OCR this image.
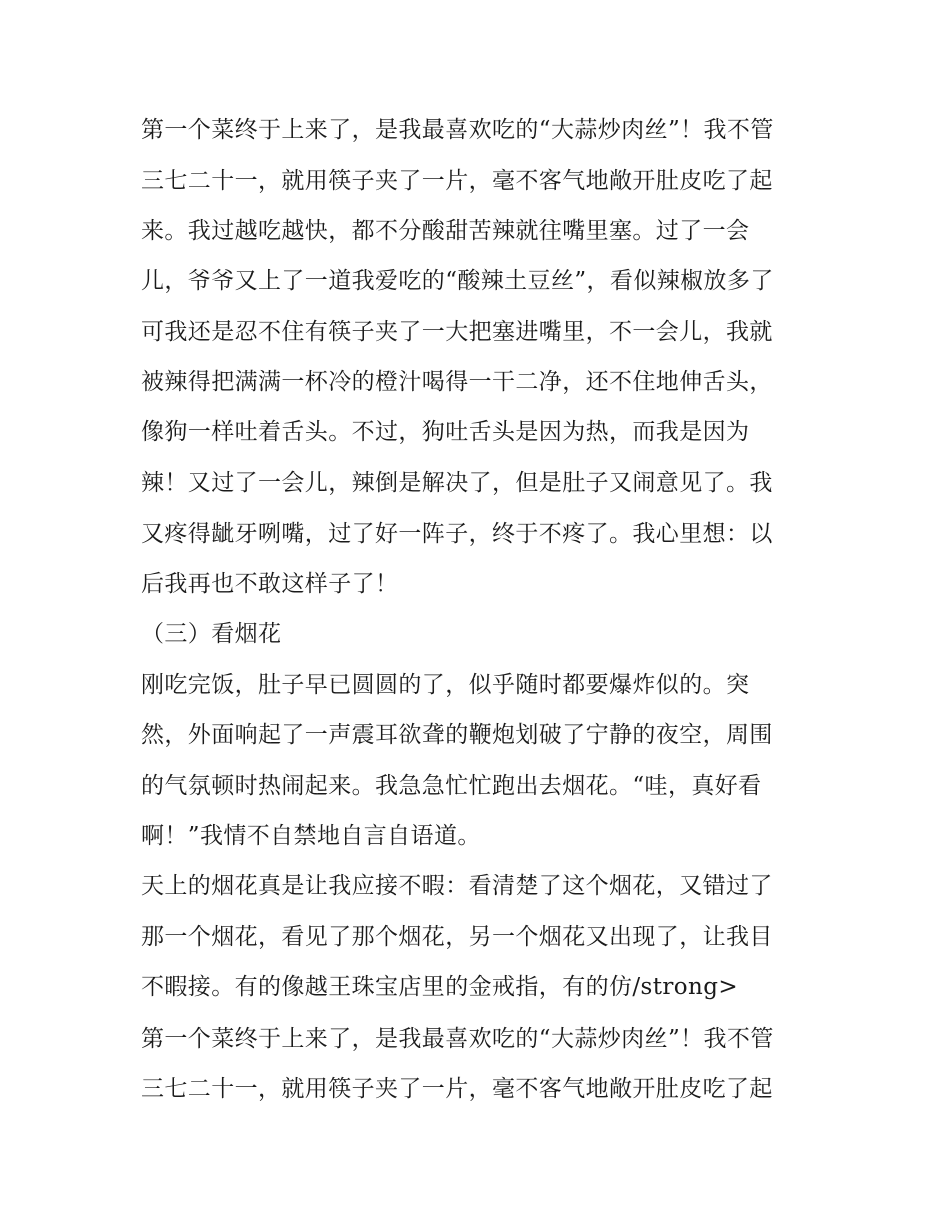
第一个菜终于上来了，是我最喜欢吃的“大蒜炒肉丝”！我不管
三七二十一，就用筷子夹了一片，毫不客气地敞开肚皮吃了起
来。我过越吃越快，都不分酸甜苦辣就往嘴里塞。过了一会
儿，爷爷又上了一道我爱吃的“酸辣土豆丝”，看似辣椒放多了
可我还是忍不住有筷子夹了一大把塞进嘴里，不一会儿，我就
被辣得把满满一杯冷的橙汁喝得一干二净，还不住地伸舌头，
像狗一样吐着舌头。不过，狗吐舌头是因为热，而我是因为
辣！又过了一会儿，辣倒是解决了，但是肚子又闹意见了。我
又疼得龇牙咧嘴，过了好一阵子，终于不疼了。我心里想：以
后我再也不敢这样子了！
（三）看烟花
刚吃完饭，肚子早已圆圆的了，似乎随时都要爆炸似的。突
然，外面响起了一声震耳欲聋的鞭炮划破了宁静的夜空，周围
的气氛顿时热闹起来。我急急忙忙跑出去烟花。“哇，真好看
啊！”我情不自禁地自言自语道。
天上的烟花真是让我应接不暇：看清楚了这个烟花，又错过了
那一个烟花，看见了那个烟花，另一个烟花又出现了，让我目
不暇接。有的像越王珠宝店里的金戒指，有的仿/strong>
第一个菜终于上来了，是我最喜欢吃的“大蒜炒肉丝”！我不管
三七二十一，就用筷子夹了一片，毫不客气地敞开肚皮吃了起
